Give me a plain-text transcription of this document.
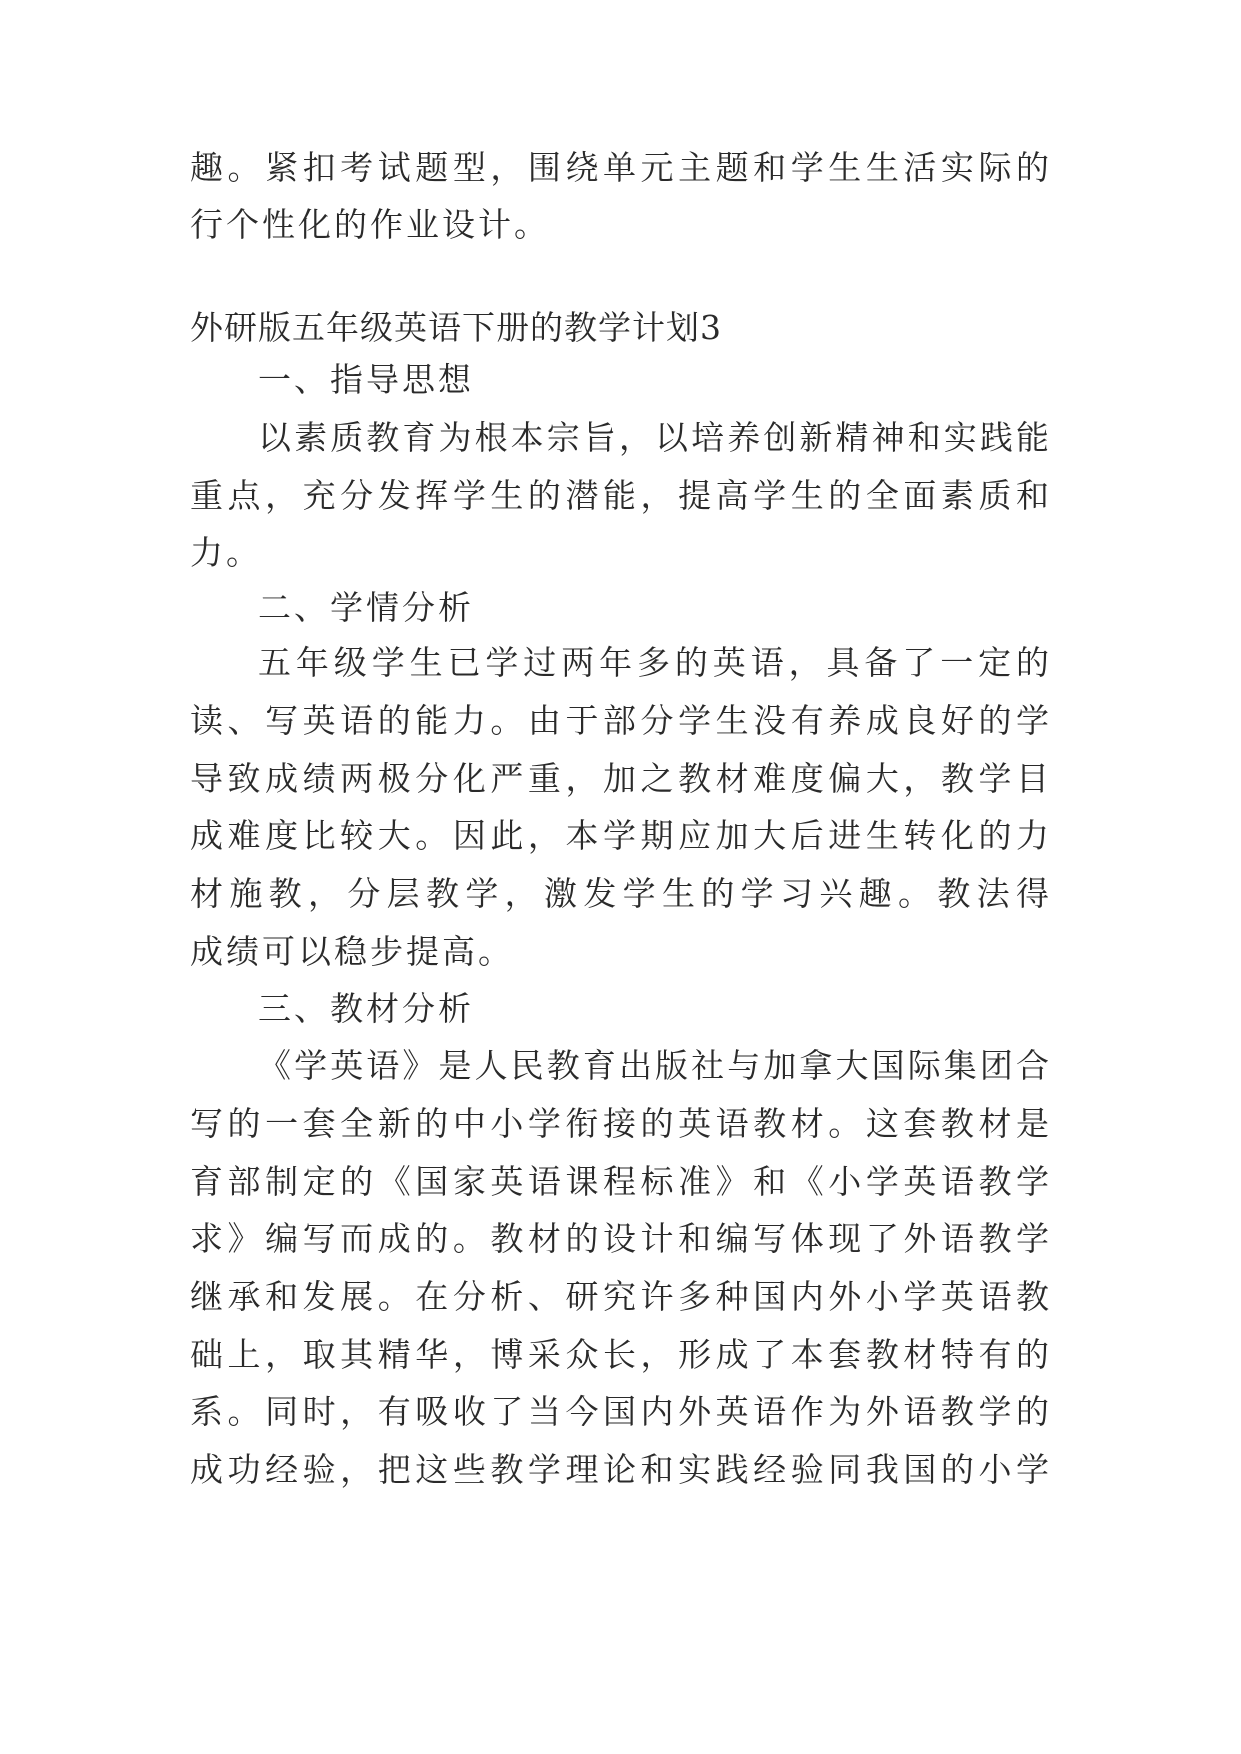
趣。紧扣考试题型，围绕单元主题和学生生活实际的
行个性化的作业设计。
外研版五年级英语下册的教学计划3
一、指导思想
以素质教育为根本宗旨，以培养创新精神和实践能
重点，充分发挥学生的潜能，提高学生的全面素质和
力。
二、学情分析
五年级学生已学过两年多的英语，具备了一定的
读、写英语的能力。由于部分学生没有养成良好的学
导致成绩两极分化严重，加之教材难度偏大，教学目
成难度比较大。因此，本学期应加大后进生转化的力
材施教，分层教学，激发学生的学习兴趣。教法得
成绩可以稳步提高。
三、教材分析
《学英语》是人民教育出版社与加拿大国际集团合
写的一套全新的中小学衔接的英语教材。这套教材是
育部制定的《国家英语课程标准》和《小学英语教学
求》编写而成的。教材的设计和编写体现了外语教学
继承和发展。在分析、研究许多种国内外小学英语教
础上，取其精华，博采众长，形成了本套教材特有的
系。同时，有吸收了当今国内外英语作为外语教学的
成功经验，把这些教学理论和实践经验同我国的小学
